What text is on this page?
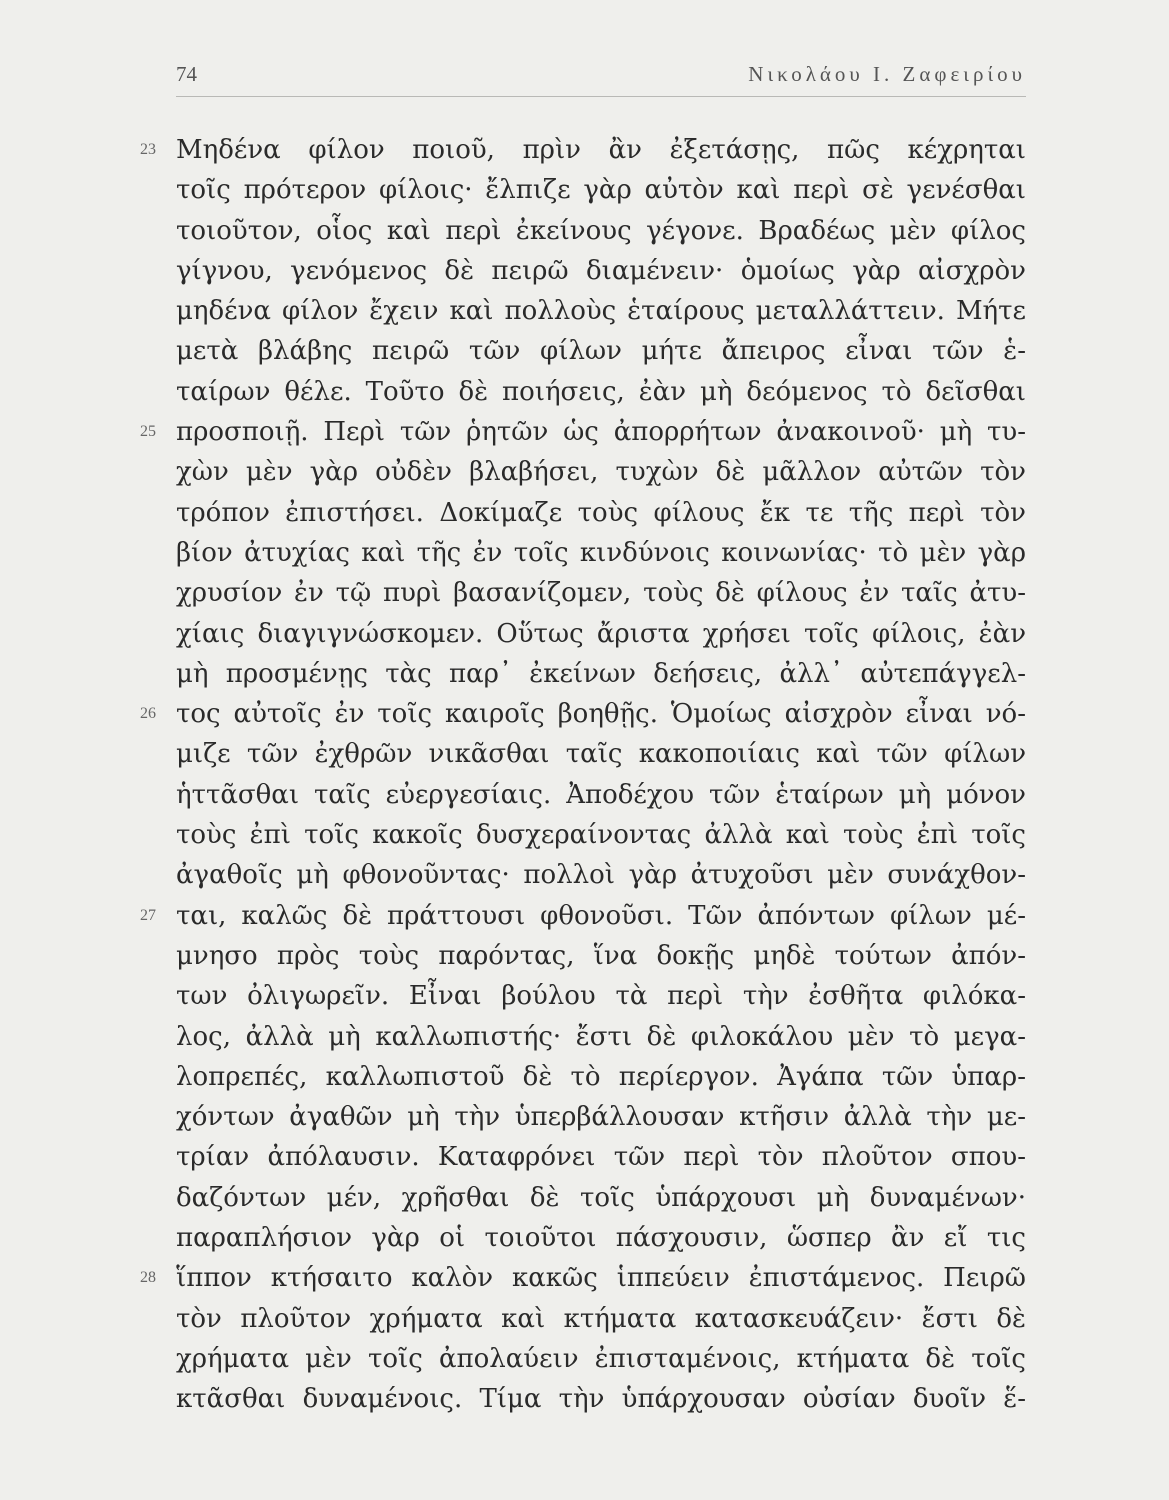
74	Νικολάου Ι. Ζαφειρίου
23 Μηδένα φίλον ποιοῦ, πρὶν ἂν ἐξετάσῃς, πῶς κέχρηται
τοῖς πρότερον φίλοις· ἔλπιζε γὰρ αὐτὸν καὶ περὶ σὲ γενέσθαι
τοιοῦτον, οἷος καὶ περὶ ἐκείνους γέγονε. Βραδέως μὲν φίλος
γίγνου, γενόμενος δὲ πειρῶ διαμένειν· ὁμοίως γὰρ αἰσχρὸν
μηδένα φίλον ἔχειν καὶ πολλοὺς ἑταίρους μεταλλάττειν. Μήτε
μετὰ βλάβης πειρῶ τῶν φίλων μήτε ἄπειρος εἶναι τῶν ἑ-
ταίρων θέλε. Τοῦτο δὲ ποιήσεις, ἐὰν μὴ δεόμενος τὸ δεῖσθαι
25 προσποιῇ. Περὶ τῶν ῥητῶν ὡς ἀπορρήτων ἀνακοινοῦ· μὴ τυ-
χὼν μὲν γὰρ οὐδὲν βλαβήσει, τυχὼν δὲ μᾶλλον αὐτῶν τὸν
τρόπον ἐπιστήσει. Δοκίμαζε τοὺς φίλους ἔκ τε τῆς περὶ τὸν
βίον ἀτυχίας καὶ τῆς ἐν τοῖς κινδύνοις κοινωνίας· τὸ μὲν γὰρ
χρυσίον ἐν τῷ πυρὶ βασανίζομεν, τοὺς δὲ φίλους ἐν ταῖς ἀτυ-
χίαις διαγιγνώσκομεν. Οὕτως ἄριστα χρήσει τοῖς φίλοις, ἐὰν
μὴ προσμένῃς τὰς παρ᾽ ἐκείνων δεήσεις, ἀλλ᾽ αὐτεπάγγελ-
26 τος αὐτοῖς ἐν τοῖς καιροῖς βοηθῇς. Ὁμοίως αἰσχρὸν εἶναι νό-
μιζε τῶν ἐχθρῶν νικᾶσθαι ταῖς κακοποιίαις καὶ τῶν φίλων
ἡττᾶσθαι ταῖς εὐεργεσίαις. Ἀποδέχου τῶν ἑταίρων μὴ μόνον
τοὺς ἐπὶ τοῖς κακοῖς δυσχεραίνοντας ἀλλὰ καὶ τοὺς ἐπὶ τοῖς
ἀγαθοῖς μὴ φθονοῦντας· πολλοὶ γὰρ ἀτυχοῦσι μὲν συνάχθον-
27 ται, καλῶς δὲ πράττουσι φθονοῦσι. Τῶν ἀπόντων φίλων μέ-
μνησο πρὸς τοὺς παρόντας, ἵνα δοκῇς μηδὲ τούτων ἀπόν-
των ὀλιγωρεῖν. Εἶναι βούλου τὰ περὶ τὴν ἐσθῆτα φιλόκα-
λος, ἀλλὰ μὴ καλλωπιστής· ἔστι δὲ φιλοκάλου μὲν τὸ μεγα-
λοπρεπές, καλλωπιστοῦ δὲ τὸ περίεργον. Ἀγάπα τῶν ὑπαρ-
χόντων ἀγαθῶν μὴ τὴν ὑπερβάλλουσαν κτῆσιν ἀλλὰ τὴν με-
τρίαν ἀπόλαυσιν. Καταφρόνει τῶν περὶ τὸν πλοῦτον σπου-
δαζόντων μέν, χρῆσθαι δὲ τοῖς ὑπάρχουσι μὴ δυναμένων·
παραπλήσιον γὰρ οἱ τοιοῦτοι πάσχουσιν, ὥσπερ ἂν εἴ τις
28 ἵππον κτήσαιτο καλὸν κακῶς ἱππεύειν ἐπιστάμενος. Πειρῶ
τὸν πλοῦτον χρήματα καὶ κτήματα κατασκευάζειν· ἔστι δὲ
χρήματα μὲν τοῖς ἀπολαύειν ἐπισταμένοις, κτήματα δὲ τοῖς
κτᾶσθαι δυναμένοις. Τίμα τὴν ὑπάρχουσαν οὐσίαν δυοῖν ἕ-
